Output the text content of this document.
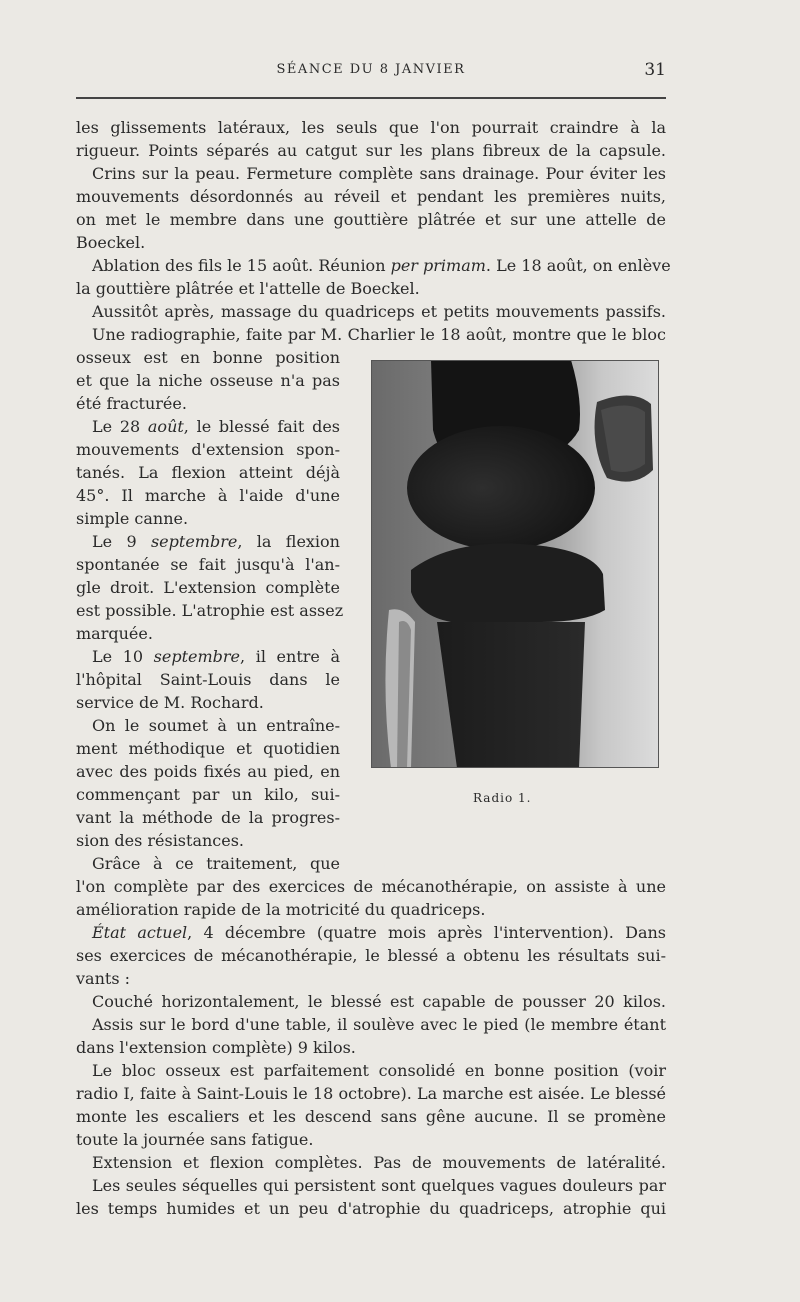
SÉANCE DU 8 JANVIER	31
les glissements latéraux, les seuls que l'on pourrait craindre à la
rigueur. Points séparés au catgut sur les plans fibreux de la capsule.
Crins sur la peau. Fermeture complète sans drainage. Pour éviter les
mouvements désordonnés au réveil et pendant les premières nuits,
on met le membre dans une gouttière plâtrée et sur une attelle de
Boeckel.
Ablation des fils le 15 août. Réunion per primam. Le 18 août, on enlève
la gouttière plâtrée et l'attelle de Boeckel.
Aussitôt après, massage du quadriceps et petits mouvements passifs.
Une radiographie, faite par M. Charlier le 18 août, montre que le bloc
osseux est en bonne position
et que la niche osseuse n'a pas
été fracturée.
Le 28 août, le blessé fait des
mouvements d'extension spon-
tanés. La flexion atteint déjà
45°. Il marche à l'aide d'une
simple canne.
Le 9 septembre, la flexion
spontanée se fait jusqu'à l'an-
gle droit. L'extension complète
est possible. L'atrophie est assez
marquée.
Le 10 septembre, il entre à
l'hôpital Saint-Louis dans le
service de M. Rochard.
On le soumet à un entraîne-
ment méthodique et quotidien
avec des poids fixés au pied, en
commençant par un kilo, sui-
vant la méthode de la progres-
sion des résistances.
Grâce à ce traitement, que
l'on complète par des exercices de mécanothérapie, on assiste à une
amélioration rapide de la motricité du quadriceps.
État actuel, 4 décembre (quatre mois après l'intervention). Dans
ses exercices de mécanothérapie, le blessé a obtenu les résultats sui-
vants :
Couché horizontalement, le blessé est capable de pousser 20 kilos.
Assis sur le bord d'une table, il soulève avec le pied (le membre étant
dans l'extension complète) 9 kilos.
Le bloc osseux est parfaitement consolidé en bonne position (voir
radio I, faite à Saint-Louis le 18 octobre). La marche est aisée. Le blessé
monte les escaliers et les descend sans gêne aucune. Il se promène
toute la journée sans fatigue.
Extension et flexion complètes. Pas de mouvements de latéralité.
Les seules séquelles qui persistent sont quelques vagues douleurs par
les temps humides et un peu d'atrophie du quadriceps, atrophie qui
Radio 1.
